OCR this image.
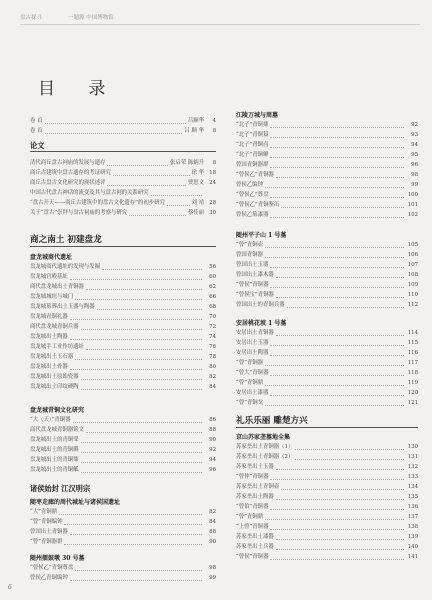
盘古探寻	一题源 中国博物馆
目 录
卷 首	吕顺华	4
卷 首	吕 顺 华	8
论文
清代商丘盘古祠庙的发展与遗存	张启荣 陈炳升	8
商丘古建筑中盘古遗存的考证研究	徐 华 18
商丘古盘古文化研究的现状述评	贾思文 24
中国古代盘古神话的流变及其与盘古祠的关系研究
“盘古开天——商丘古建筑中的盘古文化遗存”的初步研究	刘 靖 28
关于“盘古”崇拜与盘古祠庙的考察与研究	蔡佳丽 30
商之南土 初建盘龙
盘龙城商代遗址
盘龙城商代遗址的发现与发掘	56
盘龙城宫殿基址	60
商代盘龙城出土青铜器	62
盘龙城城垣与城门	66
盘龙城墓葬出土玉器与陶器	68
盘龙城青铜礼器	70
商代盘龙城青铜兵器	72
盘龙城出土陶器	74
盘龙城手工业作坊遗址	76
盘龙城出土玉石器	78
盘龙城出土骨器	80
盘龙城出土原始瓷器	82
盘龙城出土印纹硬陶	84
盘龙城青铜文化研究
“大（天）”青铜器	86
商代盘龙城青铜器铭文	88
盘龙城出土的青铜斝	90
盘龙城出土的青铜爵	92
盘龙城出土的青铜鼎	94
盘龙城出土的青铜觚	96
诸侯始封 江汉明宗
随枣走廊的周代城址与诸侯国遗址
“大”青铜鼎	82
“曾”青铜编钟	84
曾国出土青铜器	88
“曾”青铜器群	90
随州擂鼓墩 30 号墓
“曾侯乙”青铜尊盘	98
曾侯乙青铜编钟	99
江陵万城与周墓
“北子”青铜鼎	92
“北子”青铜簋	93
“北子”青铜卣	94
“北子”青铜觯	95
曾国青铜器群	96
“曾侯乙”青铜器	98
曾侯乙编钟	99
“曾侯乙”尊盘	100
“曾侯乙”青铜鉴缶	101
曾侯乙墓漆器	102
随州平子山 1 号墓
“曾”青铜壶	105
曾国青铜器	106
曾国出土玉器	107
曾国出土漆木器	108
“曾侯”青铜器	109
“曾侯宝”青铜器	110
曾国出土的青铜兵器	112
安居桃花坡 1 号墓
安居出土青铜器	114
安居出土玉器	115
安居出土陶器	116
“曾”青铜器	117
“曾大”青铜器	118
“曾”青铜鼎	119
安居出土漆器	120
“曾”青铜戈	121
礼乐乐丽 雕楚方兴
京山苏家垄墓地全集
苏家垄出土青铜器（1）	130
苏家垄出土青铜器（2）	131
苏家垄出土玉器	132
“曾仲”青铜器	133
苏家垄出土青铜壶	134
苏家垄出土陶器	135
“曾伯”青铜器	136
“曾”青铜鼎	137
“上曾”青铜器	138
苏家垄出土漆器	139
苏家垄出土兵器	140
“曾侯”青铜器	141
6
